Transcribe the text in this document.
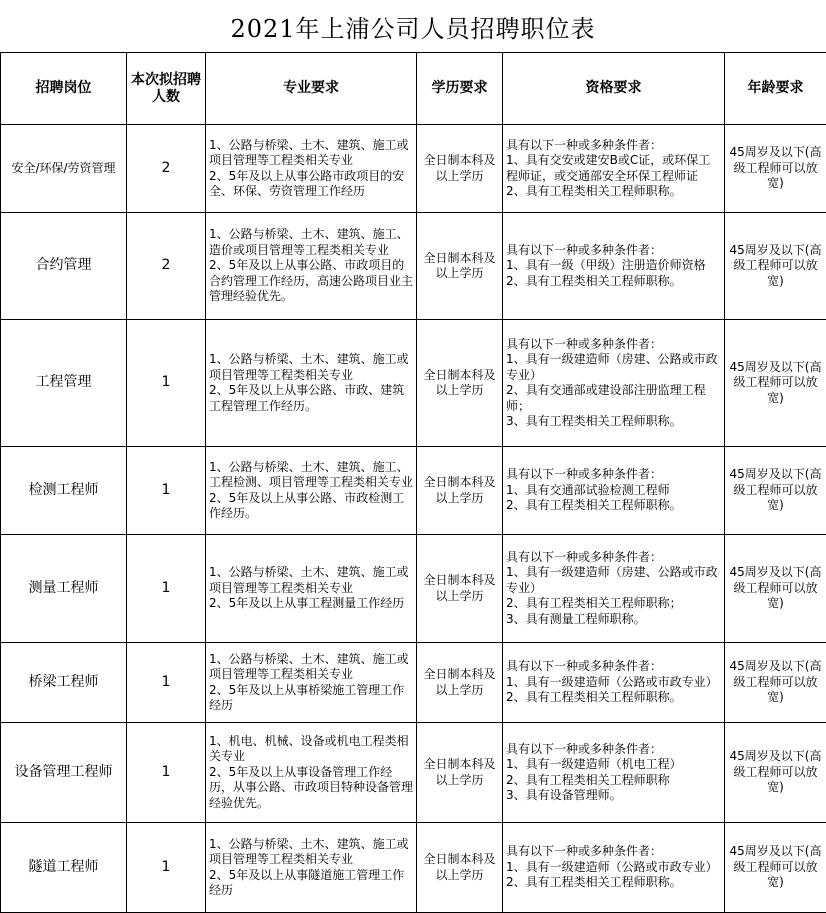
2021年上浦公司人员招聘职位表
招聘岗位	本次拟招聘人数	专业要求	学历要求	资格要求	年龄要求
安全/环保/劳资管理	2	1、公路与桥梁、土木、建筑、施工或项目管理等工程类相关专业
2、5年及以上从事公路市政项目的安全、环保、劳资管理工作经历	全日制本科及以上学历	具有以下一种或多种条件者：
1、具有交安或建安B或C证，或环保工程师证，或交通部安全环保工程师证
2、具有工程类相关工程师职称。	45周岁及以下(高级工程师可以放宽)
合约管理	2	1、公路与桥梁、土木、建筑、施工、造价或项目管理等工程类相关专业
2、5年及以上从事公路、市政项目的合约管理工作经历，高速公路项目业主管理经验优先。	全日制本科及以上学历	具有以下一种或多种条件者：
1、具有一级（甲级）注册造价师资格
2、具有工程类相关工程师职称。	45周岁及以下(高级工程师可以放宽)
工程管理	1	1、公路与桥梁、土木、建筑、施工或项目管理等工程类相关专业
2、5年及以上从事公路、市政、建筑工程管理工作经历。	全日制本科及以上学历	具有以下一种或多种条件者：
1、具有一级建造师（房建、公路或市政专业）
2、具有交通部或建设部注册监理工程师；
3、具有工程类相关工程师职称。	45周岁及以下(高级工程师可以放宽)
检测工程师	1	1、公路与桥梁、土木、建筑、施工、工程检测、项目管理等工程类相关专业
2、5年及以上从事公路、市政检测工作经历。	全日制本科及以上学历	具有以下一种或多种条件者：
1、具有交通部试验检测工程师
2、具有工程类相关工程师职称。	45周岁及以下(高级工程师可以放宽)
测量工程师	1	1、公路与桥梁、土木、建筑、施工或项目管理等工程类相关专业
2、5年及以上从事工程测量工作经历	全日制本科及以上学历	具有以下一种或多种条件者：
1、具有一级建造师（房建、公路或市政专业）
2、具有工程类相关工程师职称；
3、具有测量工程师职称。	45周岁及以下(高级工程师可以放宽)
桥梁工程师	1	1、公路与桥梁、土木、建筑、施工或项目管理等工程类相关专业
2、5年及以上从事桥梁施工管理工作经历	全日制本科及以上学历	具有以下一种或多种条件者：
1、具有一级建造师（公路或市政专业）
2、具有工程类相关工程师职称。	45周岁及以下(高级工程师可以放宽)
设备管理工程师	1	1、机电、机械、设备或机电工程类相关专业
2、5年及以上从事设备管理工作经历，从事公路、市政项目特种设备管理经验优先。	全日制本科及以上学历	具有以下一种或多种条件者：
1、具有一级建造师（机电工程）
2、具有工程类相关工程师职称
3、具有设备管理师。	45周岁及以下(高级工程师可以放宽)
隧道工程师	1	1、公路与桥梁、土木、建筑、施工或项目管理等工程类相关专业
2、5年及以上从事隧道施工管理工作经历	全日制本科及以上学历	具有以下一种或多种条件者：
1、具有一级建造师（公路或市政专业）
2、具有工程类相关工程师职称。	45周岁及以下(高级工程师可以放宽)
